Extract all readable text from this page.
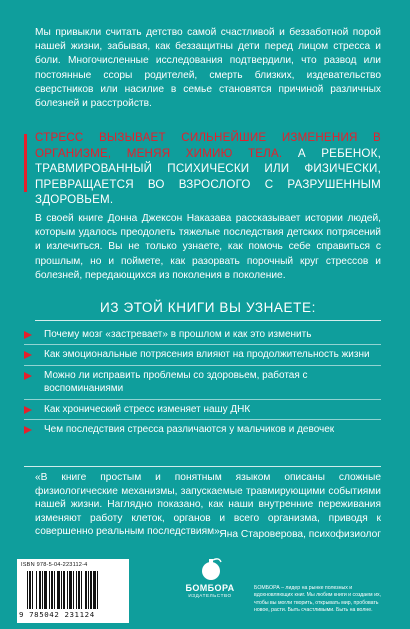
Мы привыкли считать детство самой счастливой и беззаботной порой нашей жизни, забывая, как беззащитны дети перед лицом стресса и боли. Многочисленные исследования подтвердили, что развод или постоянные ссоры родителей, смерть близких, издевательство сверстников или насилие в семье становятся причиной различных болезней и расстройств.

СТРЕСС ВЫЗЫВАЕТ СИЛЬНЕЙШИЕ ИЗМЕНЕНИЯ В ОРГАНИЗМЕ, МЕНЯЯ ХИМИЮ ТЕЛА. А РЕБЕНОК, ТРАВМИРОВАННЫЙ ПСИХИЧЕСКИ ИЛИ ФИЗИЧЕСКИ, ПРЕВРАЩАЕТСЯ ВО ВЗРОСЛОГО С РАЗРУШЕННЫМ ЗДОРОВЬЕМ.

В своей книге Донна Джексон Наказава рассказывает истории людей, которым удалось преодолеть тяжелые последствия детских потрясений и излечиться. Вы не только узнаете, как помочь себе справиться с прошлым, но и поймете, как разорвать порочный круг стрессов и болезней, передающихся из поколения в поколение.

ИЗ ЭТОЙ КНИГИ ВЫ УЗНАЕТЕ:
Почему мозг «застревает» в прошлом и как это изменить
Как эмоциональные потрясения влияют на продолжительность жизни
Можно ли исправить проблемы со здоровьем, работая с воспоминаниями
Как хронический стресс изменяет нашу ДНК
Чем последствия стресса различаются у мальчиков и девочек

«В книге простым и понятным языком описаны сложные физиологические механизмы, запускаемые травмирующими событиями нашей жизни. Наглядно показано, как наши внутренние переживания изменяют работу клеток, органов и всего организма, приводя к совершенно реальным последствиям».

Яна Староверова, психофизиолог
ISBN 978-5-04-223112-4
9 785042 231124
БОМБОРА
ИЗДАТЕЛЬСТВО

БОМБОРА – лидер на рынке полезных и вдохновляющих книг. Мы любим книги и создаем их, чтобы вы могли творить, открывать мир, пробовать новое, расти. Быть счастливыми. Быть на волне.
